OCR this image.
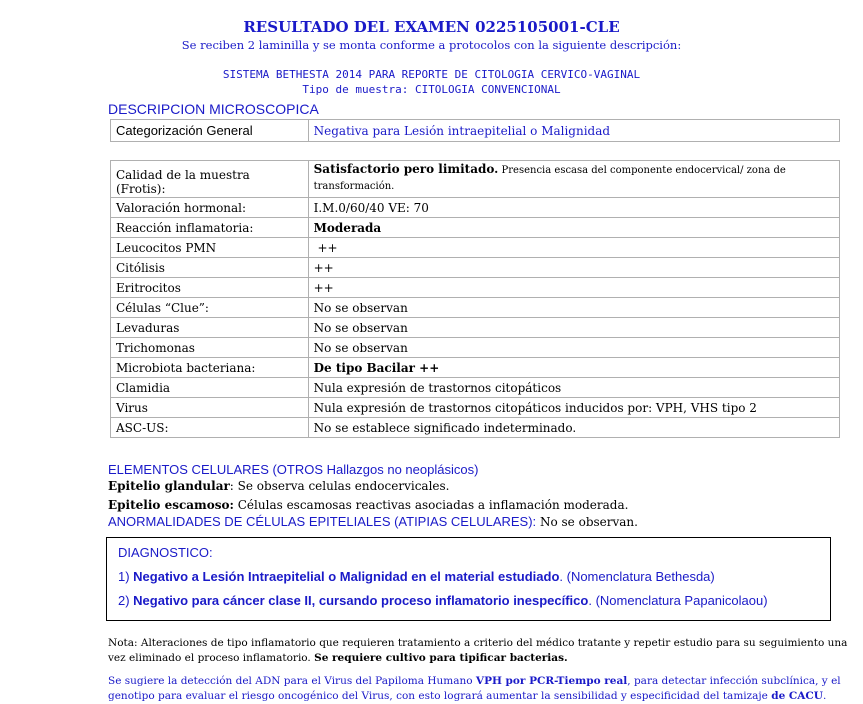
RESULTADO DEL EXAMEN 0225105001-CLE
Se reciben 2 laminilla y se monta conforme a protocolos con la siguiente descripción:
SISTEMA BETHESTA 2014 PARA REPORTE DE CITOLOGIA CERVICO-VAGINAL
Tipo de muestra: CITOLOGIA CONVENCIONAL
DESCRIPCION MICROSCOPICA
Categorización General	Negativa para Lesión intraepitelial o Malignidad
Calidad de la muestra (Frotis):	Satisfactorio pero limitado. Presencia escasa del componente endocervical/ zona de transformación.
Valoración hormonal:	I.M.0/60/40 VE: 70
Reacción inflamatoria:	Moderada
Leucocitos PMN	++
Citólisis	++
Eritrocitos	++
Células “Clue”:	No se observan
Levaduras	No se observan
Trichomonas	No se observan
Microbiota bacteriana:	De tipo Bacilar ++
Clamidia	Nula expresión de trastornos citopáticos
Virus	Nula expresión de trastornos citopáticos inducidos por: VPH, VHS tipo 2
ASC-US:	No se establece significado indeterminado.
ELEMENTOS CELULARES (OTROS Hallazgos no neoplásicos)
Epitelio glandular: Se observa celulas endocervicales.
Epitelio escamoso: Células escamosas reactivas asociadas a inflamación moderada.
ANORMALIDADES DE CÉLULAS EPITELIALES (ATIPIAS CELULARES): No se observan.
DIAGNOSTICO:
1) Negativo a Lesión Intraepitelial o Malignidad en el material estudiado. (Nomenclatura Bethesda)
2) Negativo para cáncer clase II, cursando proceso inflamatorio inespecífico. (Nomenclatura Papanicolaou)
Nota: Alteraciones de tipo inflamatorio que requieren tratamiento a criterio del médico tratante y repetir estudio para su seguimiento una vez eliminado el proceso inflamatorio. Se requiere cultivo para tipificar bacterias.
Se sugiere la detección del ADN para el Virus del Papiloma Humano VPH por PCR-Tiempo real, para detectar infección subclínica, y el genotipo para evaluar el riesgo oncogénico del Virus, con esto logrará aumentar la sensibilidad y especificidad del tamizaje de CACU.
